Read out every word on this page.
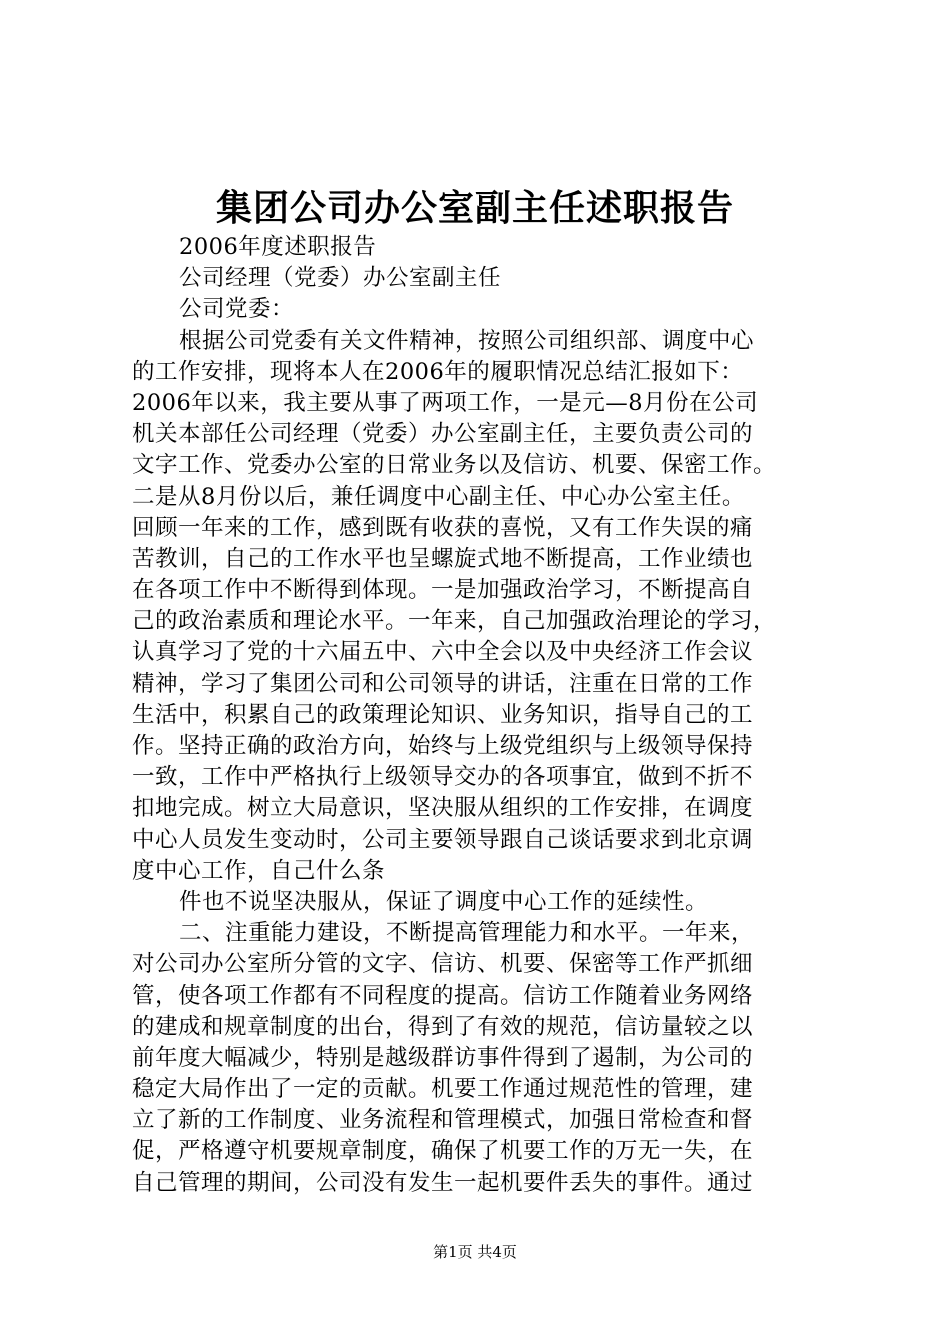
集团公司办公室副主任述职报告
2006年度述职报告
公司经理（党委）办公室副主任
公司党委：
根据公司党委有关文件精神，按照公司组织部、调度中心
的工作安排，现将本人在2006年的履职情况总结汇报如下：
2006年以来，我主要从事了两项工作，一是元—8月份在公司
机关本部任公司经理（党委）办公室副主任，主要负责公司的
文字工作、党委办公室的日常业务以及信访、机要、保密工作。
二是从8月份以后，兼任调度中心副主任、中心办公室主任。
回顾一年来的工作，感到既有收获的喜悦，又有工作失误的痛
苦教训，自己的工作水平也呈螺旋式地不断提高，工作业绩也
在各项工作中不断得到体现。一是加强政治学习，不断提高自
己的政治素质和理论水平。一年来，自己加强政治理论的学习，
认真学习了党的十六届五中、六中全会以及中央经济工作会议
精神，学习了集团公司和公司领导的讲话，注重在日常的工作
生活中，积累自己的政策理论知识、业务知识，指导自己的工
作。坚持正确的政治方向，始终与上级党组织与上级领导保持
一致，工作中严格执行上级领导交办的各项事宜，做到不折不
扣地完成。树立大局意识，坚决服从组织的工作安排，在调度
中心人员发生变动时，公司主要领导跟自己谈话要求到北京调
度中心工作，自己什么条
件也不说坚决服从，保证了调度中心工作的延续性。
二、注重能力建设，不断提高管理能力和水平。一年来，
对公司办公室所分管的文字、信访、机要、保密等工作严抓细
管，使各项工作都有不同程度的提高。信访工作随着业务网络
的建成和规章制度的出台，得到了有效的规范，信访量较之以
前年度大幅减少，特别是越级群访事件得到了遏制，为公司的
稳定大局作出了一定的贡献。机要工作通过规范性的管理，建
立了新的工作制度、业务流程和管理模式，加强日常检查和督
促，严格遵守机要规章制度，确保了机要工作的万无一失，在
自己管理的期间，公司没有发生一起机要件丢失的事件。通过
第1页 共4页
